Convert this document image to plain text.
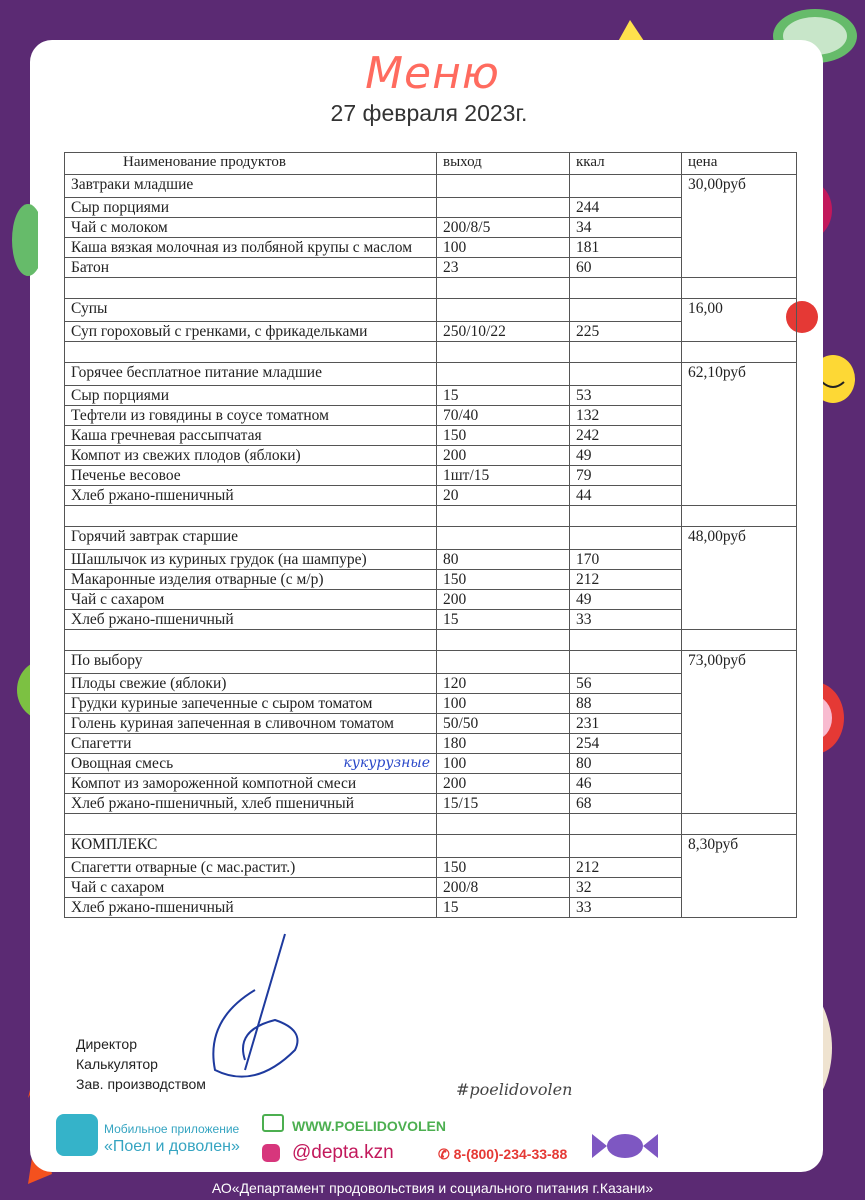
Меню
27 февраля 2023г.
Наименование продуктов	выход	ккал	цена
Завтраки младшие			30,00руб
Сыр порциями		244	
Чай с молоком	200/8/5	34	
Каша вязкая молочная из полбяной крупы с маслом	100	181	
Батон	23	60	

Супы			16,00
Суп гороховый с гренками, с фрикадельками	250/10/22	225	

Горячее бесплатное питание младшие			62,10руб
Сыр порциями	15	53	
Тефтели из говядины в соусе томатном	70/40	132	
Каша гречневая рассыпчатая	150	242	
Компот из свежих плодов (яблоки)	200	49	
Печенье весовое	1шт/15	79	
Хлеб ржано-пшеничный	20	44	

Горячий завтрак старшие			48,00руб
Шашлычок из куриных грудок (на шампуре)	80	170	
Макаронные изделия отварные (с м/р)	150	212	
Чай с сахаром	200	49	
Хлеб ржано-пшеничный	15	33	

По выбору			73,00руб
Плоды свежие (яблоки)	120	56	
Грудки куриные запеченные с сыром томатом	100	88	
Голень куриная запеченная в сливочном томатом	50/50	231	
Спагетти	180	254	
Овощная смесь кукурузные	100	80	
Компот из замороженной компотной смеси	200	46	
Хлеб ржано-пшеничный, хлеб пшеничный	15/15	68	

КОМПЛЕКС			8,30руб
Спагетти отварные (с мас.растит.)	150	212	
Чай с сахаром	200/8	32	
Хлеб ржано-пшеничный	15	33	
Директор
Калькулятор
Зав. производством	#poelidovolen
Мобильное приложение
«Поел и доволен»
WWW.POELIDOVOLEN
@depta.kzn	✆ 8-(800)-234-33-88
АО«Департамент продовольствия и социального питания г.Казани»
